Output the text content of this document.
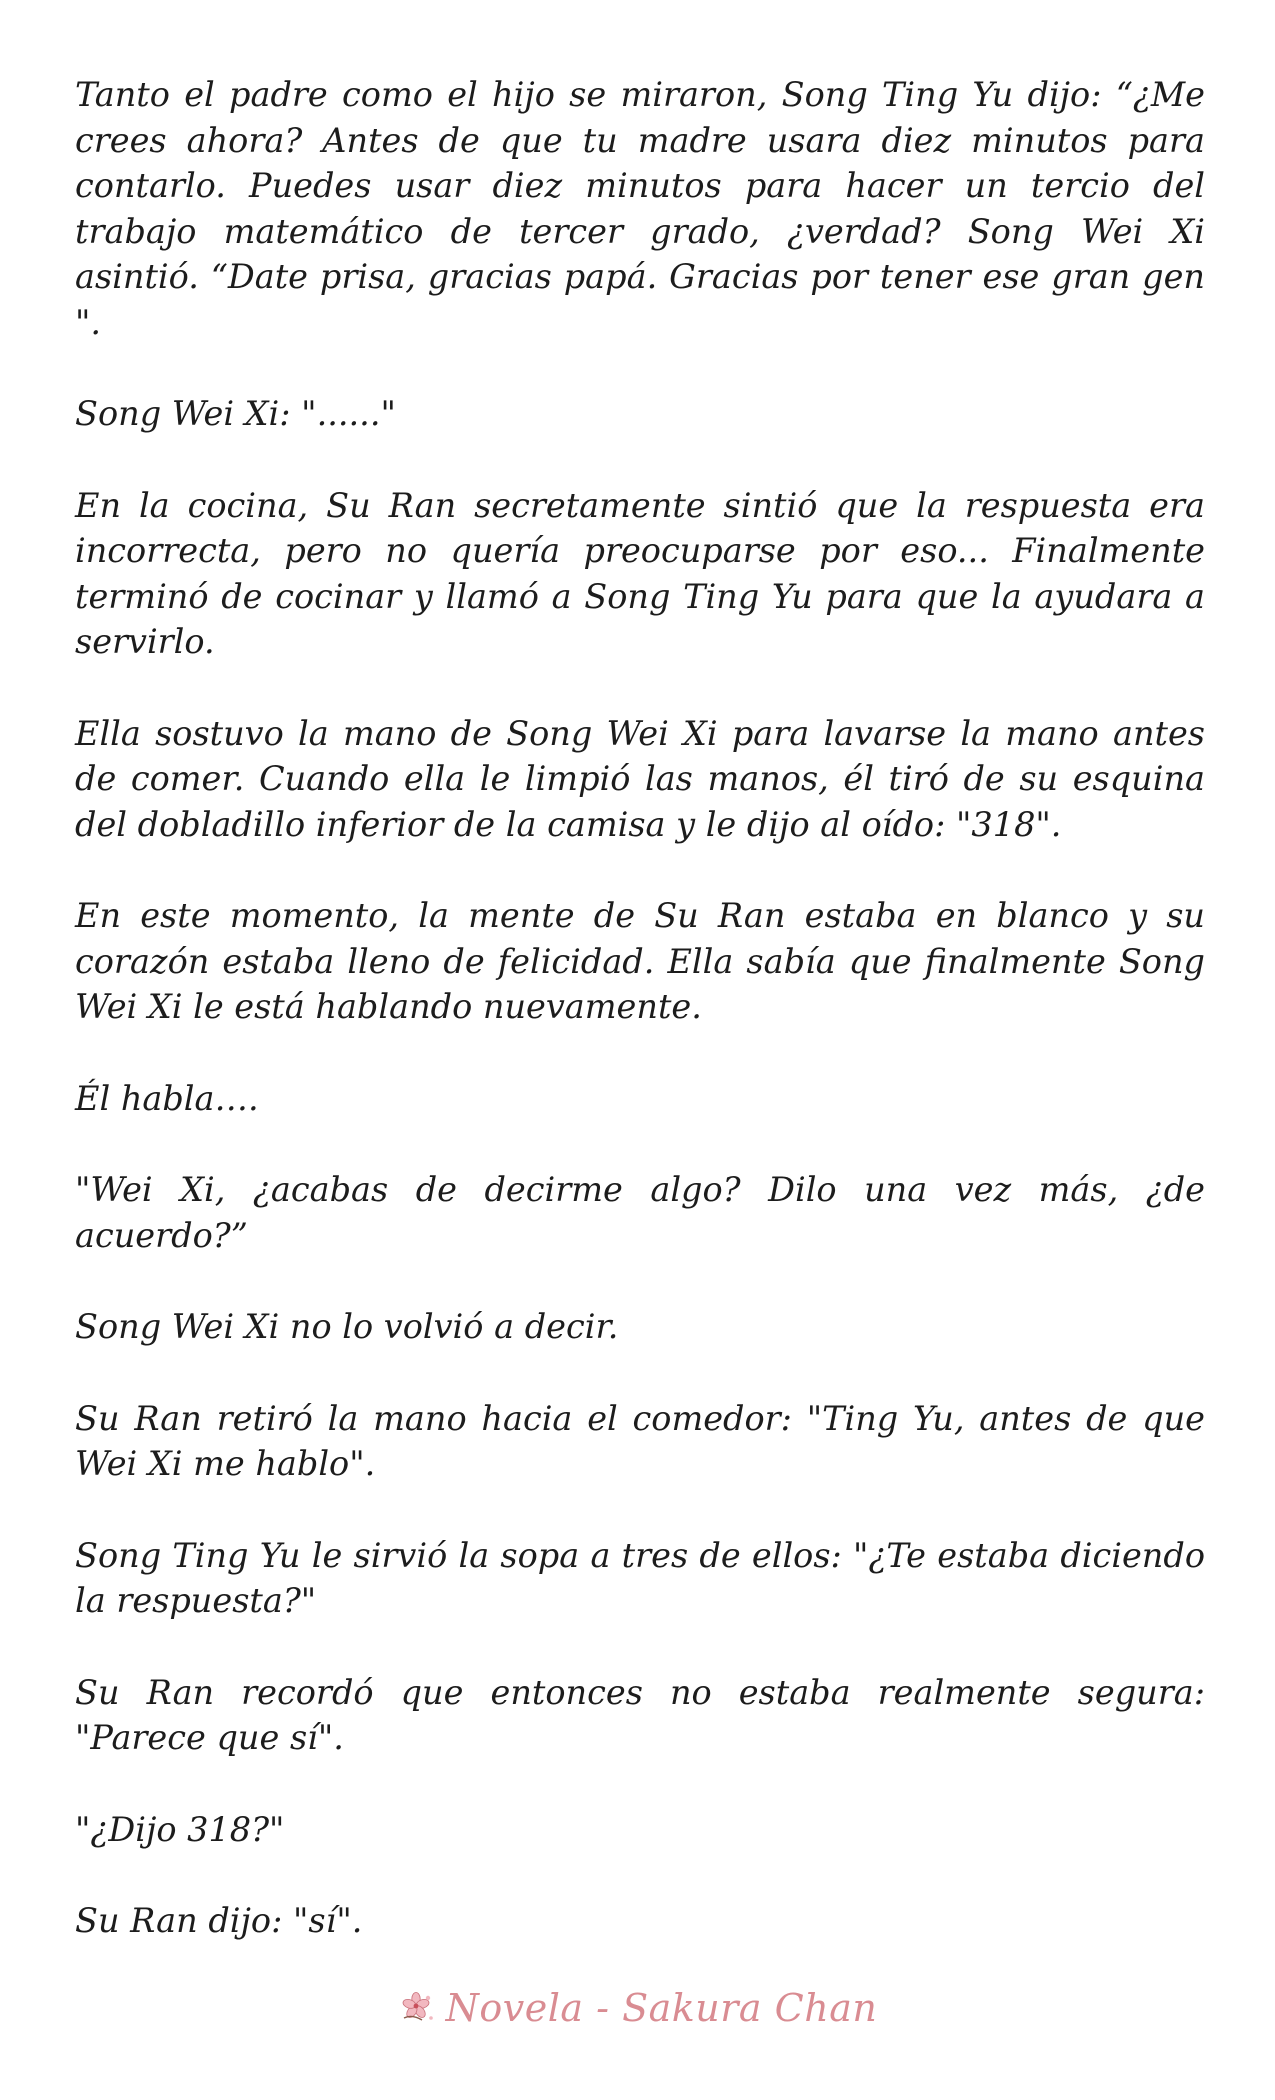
Tanto el padre como el hijo se miraron, Song Ting Yu dijo: “¿Me crees ahora? Antes de que tu madre usara diez minutos para contarlo. Puedes usar diez minutos para hacer un tercio del trabajo matemático de tercer grado, ¿verdad? Song Wei Xi asintió. “Date prisa, gracias papá. Gracias por tener ese gran gen ".

Song Wei Xi: "......"

En la cocina, Su Ran secretamente sintió que la respuesta era incorrecta, pero no quería preocuparse por eso... Finalmente terminó de cocinar y llamó a Song Ting Yu para que la ayudara a servirlo.

Ella sostuvo la mano de Song Wei Xi para lavarse la mano antes de comer. Cuando ella le limpió las manos, él tiró de su esquina del dobladillo inferior de la camisa y le dijo al oído: "318".

En este momento, la mente de Su Ran estaba en blanco y su corazón estaba lleno de felicidad. Ella sabía que finalmente Song Wei Xi le está hablando nuevamente.

Él habla….

"Wei Xi, ¿acabas de decirme algo? Dilo una vez más, ¿de acuerdo?”

Song Wei Xi no lo volvió a decir.

Su Ran retiró la mano hacia el comedor: "Ting Yu, antes de que Wei Xi me hablo".

Song Ting Yu le sirvió la sopa a tres de ellos: "¿Te estaba diciendo la respuesta?"

Su Ran recordó que entonces no estaba realmente segura: "Parece que sí".

"¿Dijo 318?"

Su Ran dijo: "sí".

Novela - Sakura Chan
